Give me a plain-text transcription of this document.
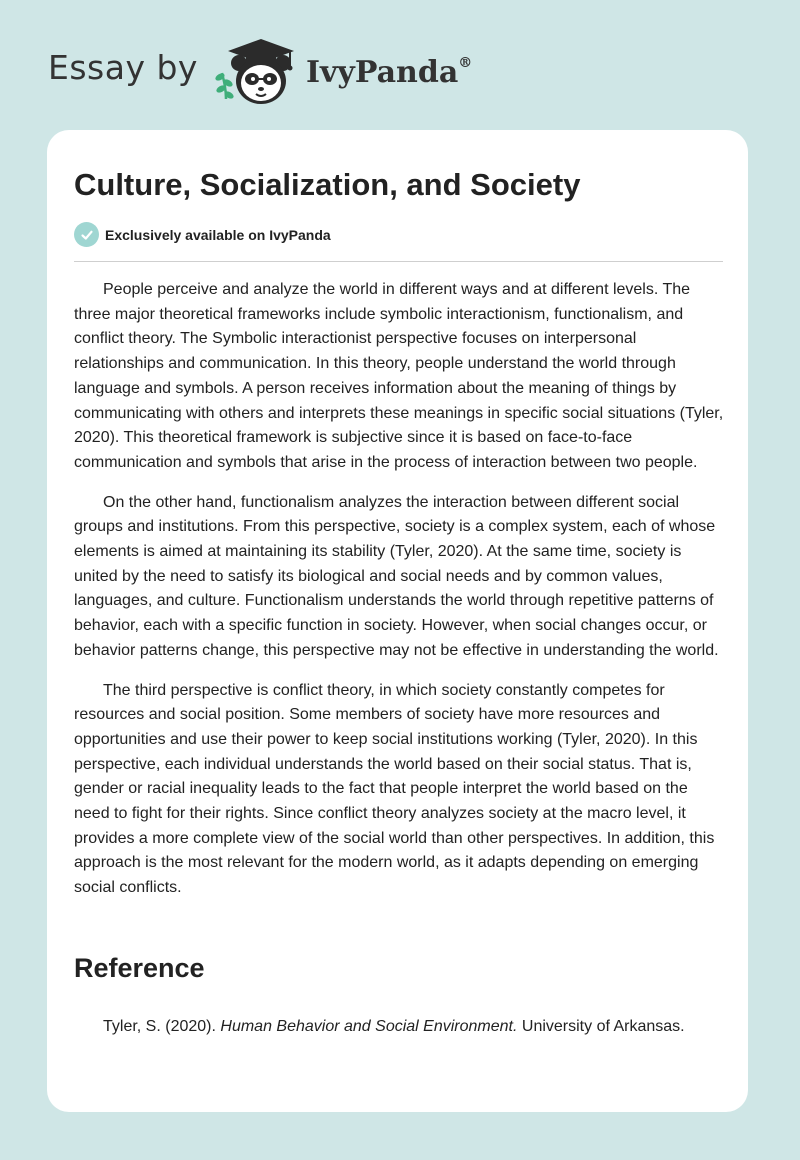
Essay by	IvyPanda®
Culture, Socialization, and Society
Exclusively available on IvyPanda

People perceive and analyze the world in different ways and at different levels. The three major theoretical frameworks include symbolic interactionism, functionalism, and conflict theory. The Symbolic interactionist perspective focuses on interpersonal relationships and communication. In this theory, people understand the world through language and symbols. A person receives information about the meaning of things by communicating with others and interprets these meanings in specific social situations (Tyler, 2020). This theoretical framework is subjective since it is based on face-to-face communication and symbols that arise in the process of interaction between two people.

On the other hand, functionalism analyzes the interaction between different social groups and institutions. From this perspective, society is a complex system, each of whose elements is aimed at maintaining its stability (Tyler, 2020). At the same time, society is united by the need to satisfy its biological and social needs and by common values, languages, and culture. Functionalism understands the world through repetitive patterns of behavior, each with a specific function in society. However, when social changes occur, or behavior patterns change, this perspective may not be effective in understanding the world.

The third perspective is conflict theory, in which society constantly competes for resources and social position. Some members of society have more resources and opportunities and use their power to keep social institutions working (Tyler, 2020). In this perspective, each individual understands the world based on their social status. That is, gender or racial inequality leads to the fact that people interpret the world based on the need to fight for their rights. Since conflict theory analyzes society at the macro level, it provides a more complete view of the social world than other perspectives. In addition, this approach is the most relevant for the modern world, as it adapts depending on emerging social conflicts.

Reference

Tyler, S. (2020). Human Behavior and Social Environment. University of Arkansas.
